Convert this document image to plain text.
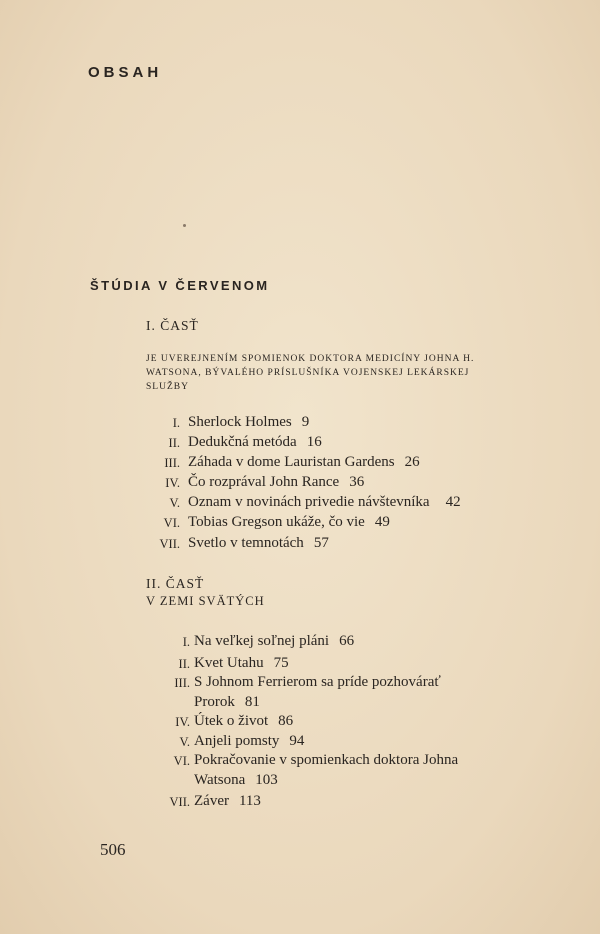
OBSAH
ŠTÚDIA V ČERVENOM
I. ČASŤ
JE UVEREJNENÍM SPOMIENOK DOKTORA MEDICÍNY JOHNA H.
WATSONA, BÝVALÉHO PRÍSLUŠNÍKA VOJENSKEJ LEKÁRSKEJ
SLUŽBY
I. Sherlock Holmes 9
II. Dedukčná metóda 16
III. Záhada v dome Lauristan Gardens 26
IV. Čo rozprával John Rance 36
V. Oznam v novinách privedie návštevníka 42
VI. Tobias Gregson ukáže, čo vie 49
VII. Svetlo v temnotách 57
II. ČASŤ
V ZEMI SVÄTÝCH
I. Na veľkej soľnej pláni 66
II. Kvet Utahu 75
III. S Johnom Ferrierom sa príde pozhovárať
Prorok 81
IV. Útek o život 86
V. Anjeli pomsty 94
VI. Pokračovanie v spomienkach doktora Johna
Watsona 103
VII. Záver 113
506
